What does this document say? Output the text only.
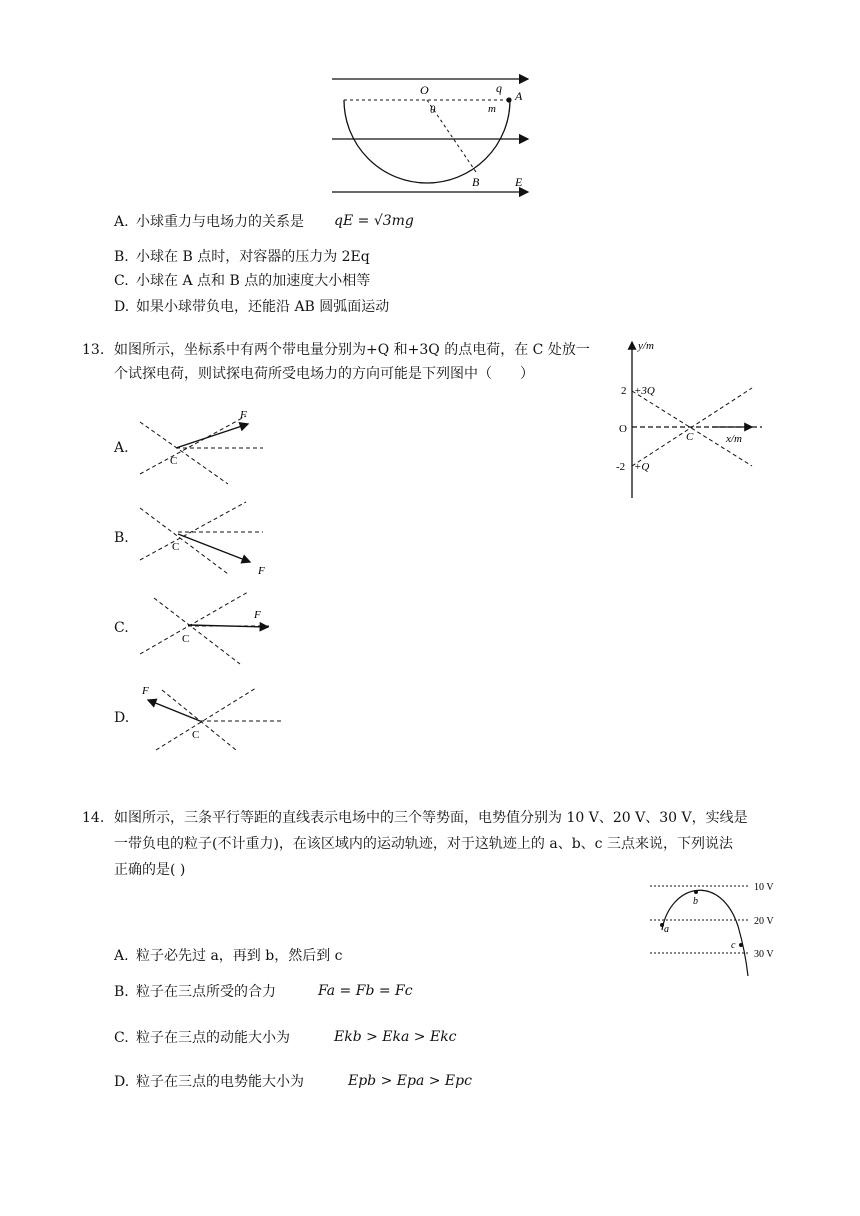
O	q
A
m
θ
B	E
A. 小球重力与电场力的关系是 qE = √3mg
B. 小球在 B 点时，对容器的压力为 2Eq
C. 小球在 A 点和 B 点的加速度大小相等
D. 如果小球带负电，还能沿 AB 圆弧面运动
13. 如图所示，坐标系中有两个带电量分别为+Q 和+3Q 的点电荷，在 C 处放一
个试探电荷，则试探电荷所受电场力的方向可能是下列图中（　　）
y/m
x/m
O
2
-2
+3Q
+Q
C
A.
F
C
B.
F
C
C.
F
C
D.
F
C
14. 如图所示，三条平行等距的直线表示电场中的三个等势面，电势值分别为 10 V、20 V、30 V，实线是
一带负电的粒子(不计重力)，在该区域内的运动轨迹，对于这轨迹上的 a、b、c 三点来说，下列说法
正确的是( )
a
b
c
10 V
20 V
30 V
A. 粒子必先过 a，再到 b，然后到 c
B. 粒子在三点所受的合力	Fa = Fb = Fc
C. 粒子在三点的动能大小为	Ekb > Eka > Ekc
D. 粒子在三点的电势能大小为	Epb > Epa > Epc
